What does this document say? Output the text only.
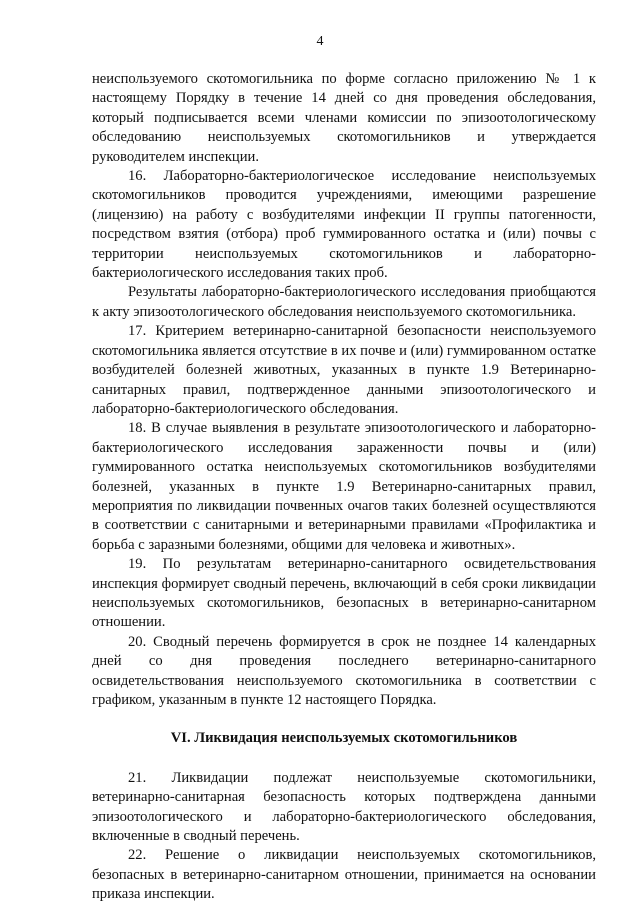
4

неиспользуемого скотомогильника по форме согласно приложению № 1 к настоящему Порядку в течение 14 дней со дня проведения обследования, который подписывается всеми членами комиссии по эпизоотологическому обследованию неиспользуемых скотомогильников и утверждается руководителем инспекции.

16. Лабораторно-бактериологическое исследование неиспользуемых скотомогильников проводится учреждениями, имеющими разрешение (лицензию) на работу с возбудителями инфекции II группы патогенности, посредством взятия (отбора) проб гуммированного остатка и (или) почвы с территории неиспользуемых скотомогильников и лабораторно-бактериологического исследования таких проб.

Результаты лабораторно-бактериологического исследования приобщаются к акту эпизоотологического обследования неиспользуемого скотомогильника.

17. Критерием ветеринарно-санитарной безопасности неиспользуемого скотомогильника является отсутствие в их почве и (или) гуммированном остатке возбудителей болезней животных, указанных в пункте 1.9 Ветеринарно-санитарных правил, подтвержденное данными эпизоотологического и лабораторно-бактериологического обследования.

18. В случае выявления в результате эпизоотологического и лабораторно-бактериологического исследования зараженности почвы и (или) гуммированного остатка неиспользуемых скотомогильников возбудителями болезней, указанных в пункте 1.9 Ветеринарно-санитарных правил, мероприятия по ликвидации почвенных очагов таких болезней осуществляются в соответствии с санитарными и ветеринарными правилами «Профилактика и борьба с заразными болезнями, общими для человека и животных».

19. По результатам ветеринарно-санитарного освидетельствования инспекция формирует сводный перечень, включающий в себя сроки ликвидации неиспользуемых скотомогильников, безопасных в ветеринарно-санитарном отношении.

20. Сводный перечень формируется в срок не позднее 14 календарных дней со дня проведения последнего ветеринарно-санитарного освидетельствования неиспользуемого скотомогильника в соответствии с графиком, указанным в пункте 12 настоящего Порядка.

VI. Ликвидация неиспользуемых скотомогильников

21. Ликвидации подлежат неиспользуемые скотомогильники, ветеринарно-санитарная безопасность которых подтверждена данными эпизоотологического и лабораторно-бактериологического обследования, включенные в сводный перечень.

22. Решение о ликвидации неиспользуемых скотомогильников, безопасных в ветеринарно-санитарном отношении, принимается на основании приказа инспекции.
